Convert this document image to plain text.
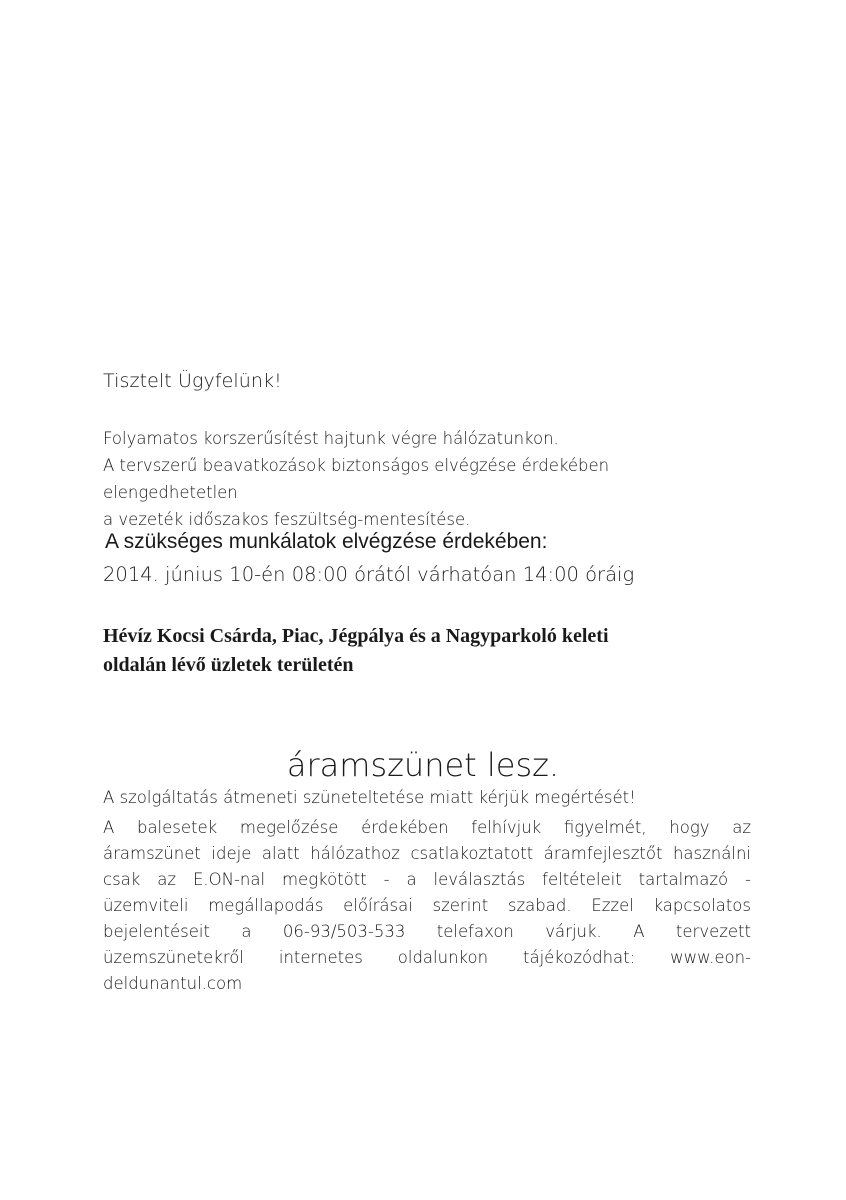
Tisztelt Ügyfelünk!

Folyamatos korszerűsítést hajtunk végre hálózatunkon.

A tervszerű beavatkozások biztonságos elvégzése érdekében

elengedhetetlen

a vezeték időszakos feszültség-mentesítése.

A szükséges munkálatok elvégzése érdekében:

2014. június 10-én 08:00 órától várhatóan 14:00 óráig

Hévíz Kocsi Csárda, Piac, Jégpálya és a Nagyparkoló keleti
oldalán lévő üzletek területén

áramszünet lesz.

A szolgáltatás átmeneti szüneteltetése miatt kérjük megértését!

A balesetek megelőzése érdekében felhívjuk figyelmét, hogy az
áramszünet ideje alatt hálózathoz csatlakoztatott áramfejlesztőt használni
csak az E.ON-nal megkötött - a leválasztás feltételeit tartalmazó -
üzemviteli megállapodás előírásai szerint szabad. Ezzel kapcsolatos
bejelentéseit a 06-93/503-533 telefaxon várjuk. A tervezett
üzemszünetekről internetes oldalunkon tájékozódhat: www.eon-
deldunantul.com
